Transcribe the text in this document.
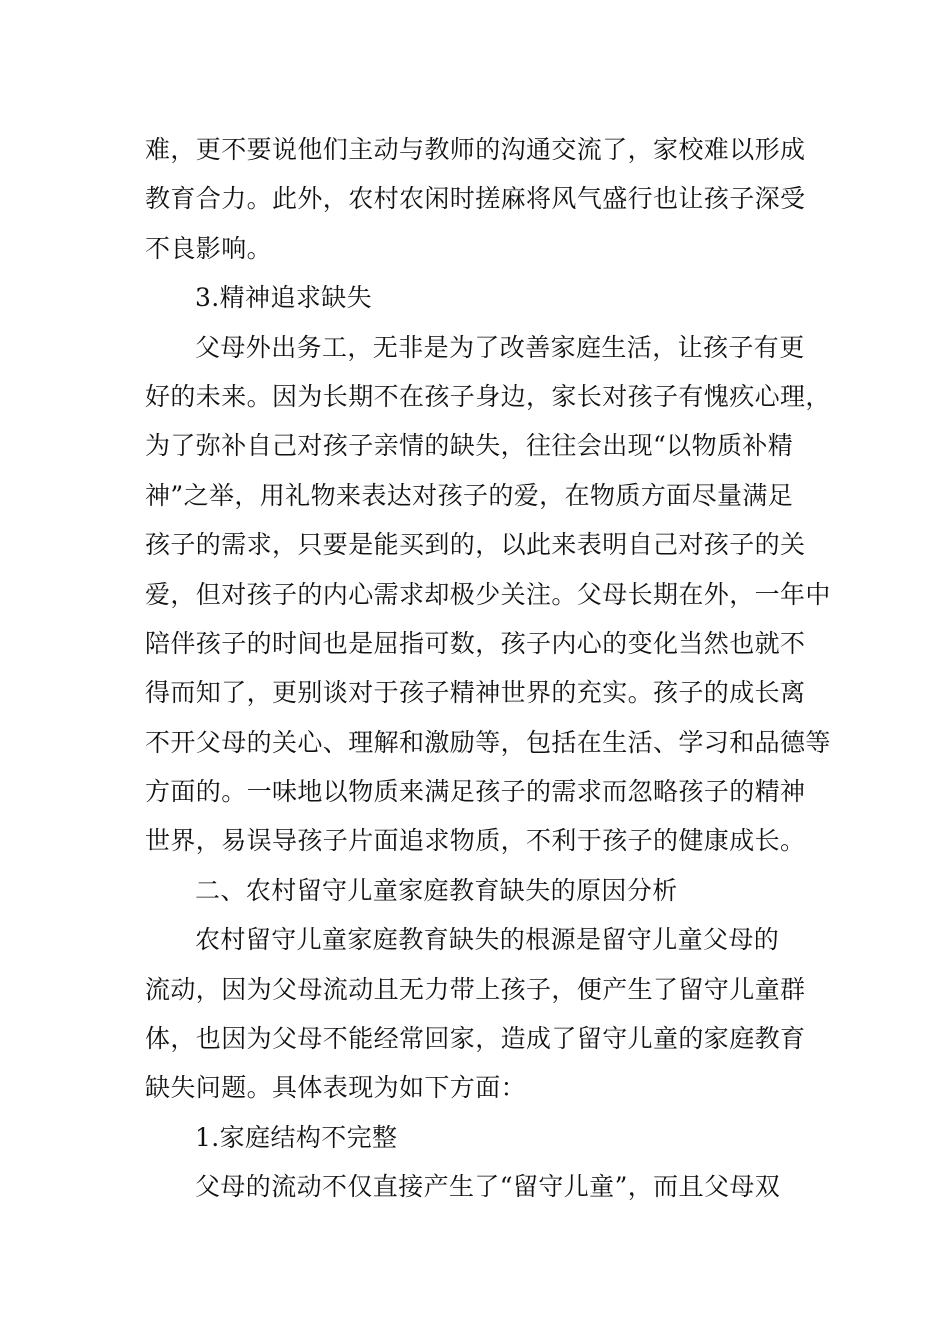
难，更不要说他们主动与教师的沟通交流了，家校难以形成
教育合力。此外，农村农闲时搓麻将风气盛行也让孩子深受
不良影响。
3.精神追求缺失
父母外出务工，无非是为了改善家庭生活，让孩子有更
好的未来。因为长期不在孩子身边，家长对孩子有愧疚心理，
为了弥补自己对孩子亲情的缺失，往往会出现“以物质补精
神”之举，用礼物来表达对孩子的爱，在物质方面尽量满足
孩子的需求，只要是能买到的，以此来表明自己对孩子的关
爱，但对孩子的内心需求却极少关注。父母长期在外，一年中
陪伴孩子的时间也是屈指可数，孩子内心的变化当然也就不
得而知了，更别谈对于孩子精神世界的充实。孩子的成长离
不开父母的关心、理解和激励等，包括在生活、学习和品德等
方面的。一味地以物质来满足孩子的需求而忽略孩子的精神
世界，易误导孩子片面追求物质，不利于孩子的健康成长。
二、农村留守儿童家庭教育缺失的原因分析
农村留守儿童家庭教育缺失的根源是留守儿童父母的
流动，因为父母流动且无力带上孩子，便产生了留守儿童群
体，也因为父母不能经常回家，造成了留守儿童的家庭教育
缺失问题。具体表现为如下方面：
1.家庭结构不完整
父母的流动不仅直接产生了“留守儿童”，而且父母双
